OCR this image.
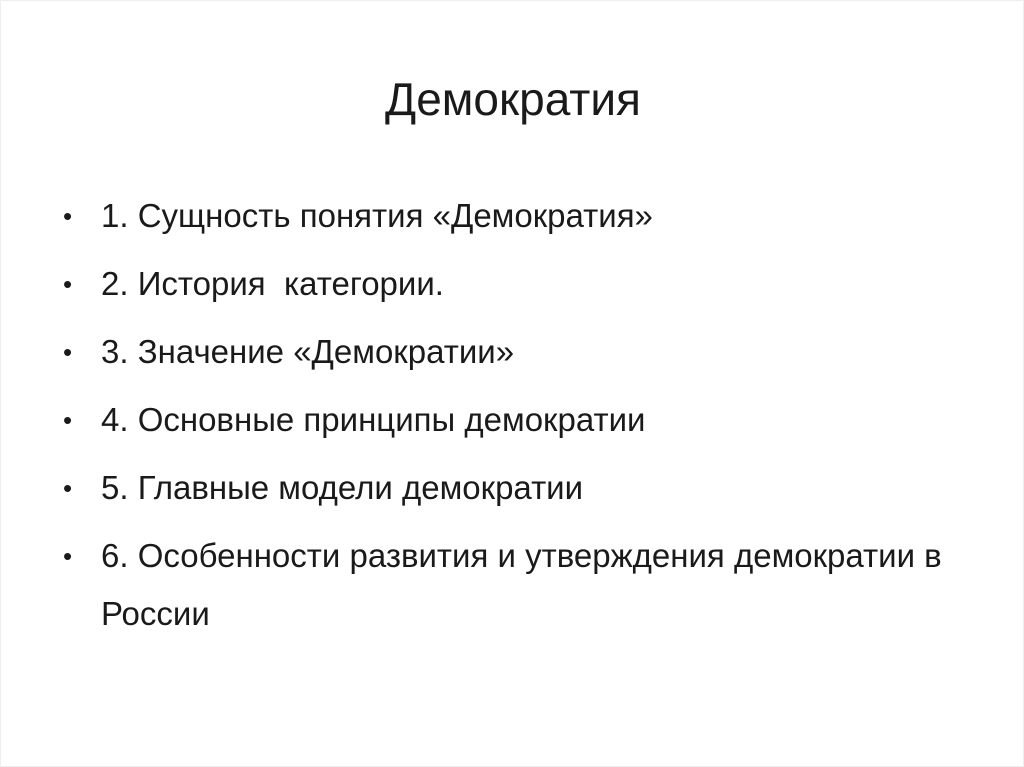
Демократия
• 1. Сущность понятия «Демократия»
• 2. История  категории.
• 3. Значение «Демократии»
• 4. Основные принципы демократии
• 5. Главные модели демократии
• 6. Особенности развития и утверждения демократии в России
